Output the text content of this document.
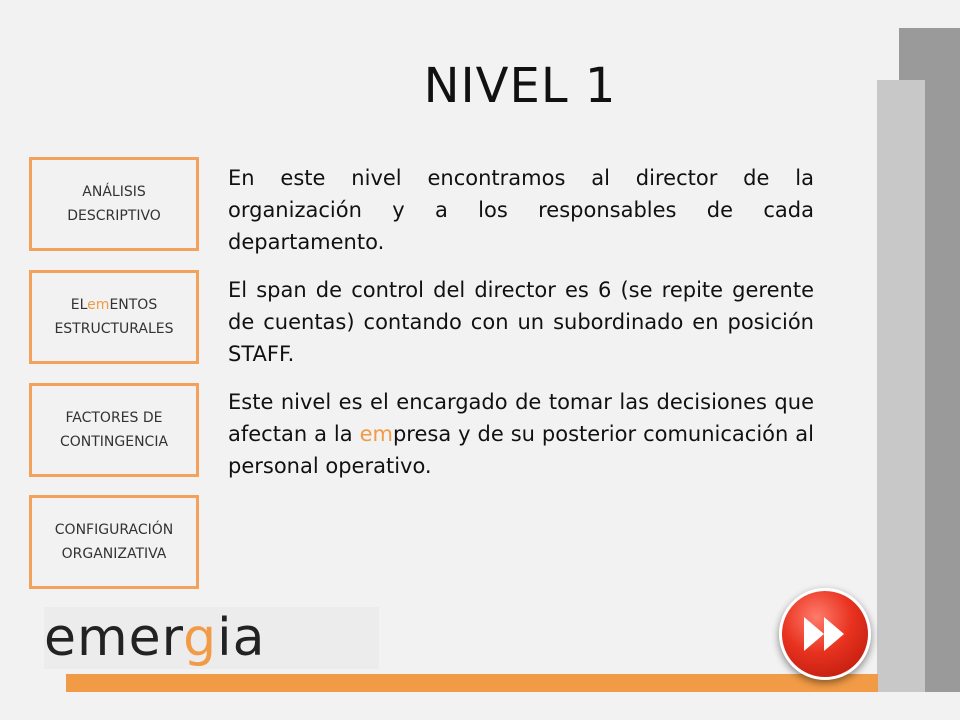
NIVEL 1
ANÁLISIS
DESCRIPTIVO
ELemENTOS
ESTRUCTURALES
FACTORES DE
CONTINGENCIA
CONFIGURACIÓN
ORGANIZATIVA

En este nivel encontramos al director de la organización y a los responsables de cada departamento.

El span de control del director es 6 (se repite gerente de cuentas) contando con un subordinado en posición STAFF.

Este nivel es el encargado de tomar las decisiones que afectan a la empresa y de su posterior comunicación al personal operativo.

emergia
